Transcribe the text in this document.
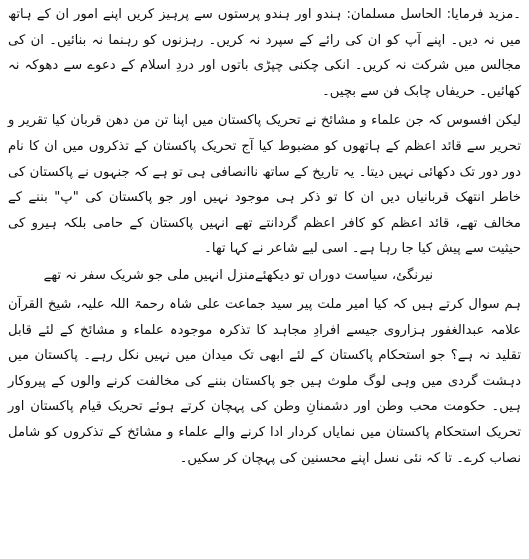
۔مزید فرمایا: الحاسل مسلمان: ہندو اور ہندو پرستوں سے پرہیز کریں اپنے امور ان کے ہاتھ میں نہ دیں۔ اپنے آپ کو ان کی رائے کے سپرد نہ کریں۔ رہزنوں کو رہنما نہ بنائیں۔ ان کی مجالس میں شرکت نہ کریں۔ انکی چکنی چپڑی باتوں اور دردِ اسلام کے دعوے سے دھوکہ نہ کھائیں۔ حریفاں چابک فن سے بچیں۔

لیکن افسوس کہ جن علماء و مشائخ نے تحریک پاکستان میں اپنا تن من دھن قربان کیا تقریر و تحریر سے قائد اعظم کے ہاتھوں کو مضبوط کیا آج تحریک پاکستان کے تذکروں میں ان کا نام دور دور تک دکھائی نہیں دیتا۔ یہ تاریخ کے ساتھ ناانصافی ہی تو ہے کہ جنہوں نے پاکستان کی خاطر انتھک قربانیاں دیں ان کا تو ذکر ہی موجود نہیں اور جو پاکستان کی "پ" بننے کے مخالف تھے، قائد اعظم کو کافر اعظم گردانتے تھے انہیں پاکستان کے حامی بلکہ ہیرو کی حیثیت سے پیش کیا جا رہا ہے۔ اسی لیے شاعر نے کہا تھا۔

نیرنگئ، سیاست دوراں تو دیکھئے
منزل انہیں ملی جو شریک سفر نہ تھے

ہم سوال کرتے ہیں کہ کیا امیر ملت پیر سید جماعت علی شاہ رحمۃ اللہ علیہ، شیخ القرآن علامہ عبدالغفور ہزاروی جیسے افرادِ مجاہد کا تذکرہ موجودہ علماء و مشائخ کے لئے قابل تقلید نہ ہے؟ جو استحکام پاکستان کے لئے ابھی تک میدان میں نہیں نکل رہے۔ پاکستان میں دہشت گردی میں وہی لوگ ملوث ہیں جو پاکستان بننے کی مخالفت کرنے والوں کے پیروکار ہیں۔ حکومت محب وطن اور دشمنانِ وطن کی پہچان کرتے ہوئے تحریک قیام پاکستان اور تحریک استحکام پاکستان میں نمایاں کردار ادا کرنے والے علماء و مشائخ کے تذکروں کو شامل نصاب کرے۔ تا کہ نئی نسل اپنے محسنین کی پہچان کر سکیں۔
